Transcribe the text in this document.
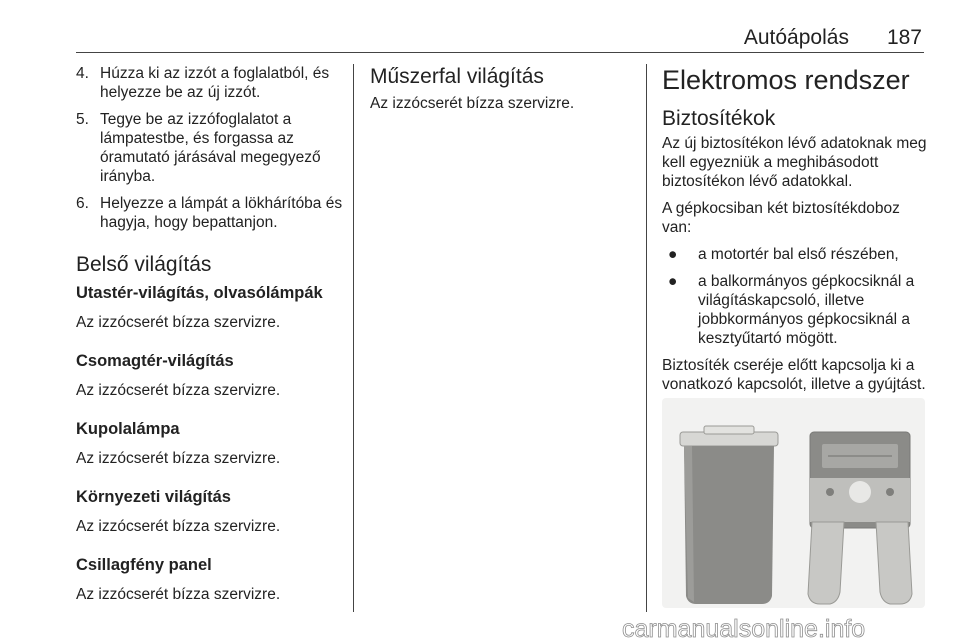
Autóápolás 187
4. Húzza ki az izzót a foglalatból, és helyezze be az új izzót.
5. Tegye be az izzófoglalatot a lámpatestbe, és forgassa az óramutató járásával megegyező irányba.
6. Helyezze a lámpát a lökhárítóba és hagyja, hogy bepattanjon.
Belső világítás
Utastér-világítás, olvasólámpák

Az izzócserét bízza szervizre.

Csomagtér-világítás

Az izzócserét bízza szervizre.

Kupolalámpa

Az izzócserét bízza szervizre.

Környezeti világítás

Az izzócserét bízza szervizre.

Csillagfény panel

Az izzócserét bízza szervizre.

Műszerfal világítás

Az izzócserét bízza szervizre.

Elektromos rendszer
Biztosítékok

Az új biztosítékon lévő adatoknak meg kell egyezniük a meghibásodott biztosítékon lévő adatokkal.

A gépkocsiban két biztosítékdoboz van:

●	a motortér bal első részében,
●	a balkormányos gépkocsiknál a világításkapcsoló, illetve jobbkormányos gépkocsiknál a kesztyűtartó mögött.

Biztosíték cseréje előtt kapcsolja ki a vonatkozó kapcsolót, illetve a gyújtást.

carmanualsonline.info
